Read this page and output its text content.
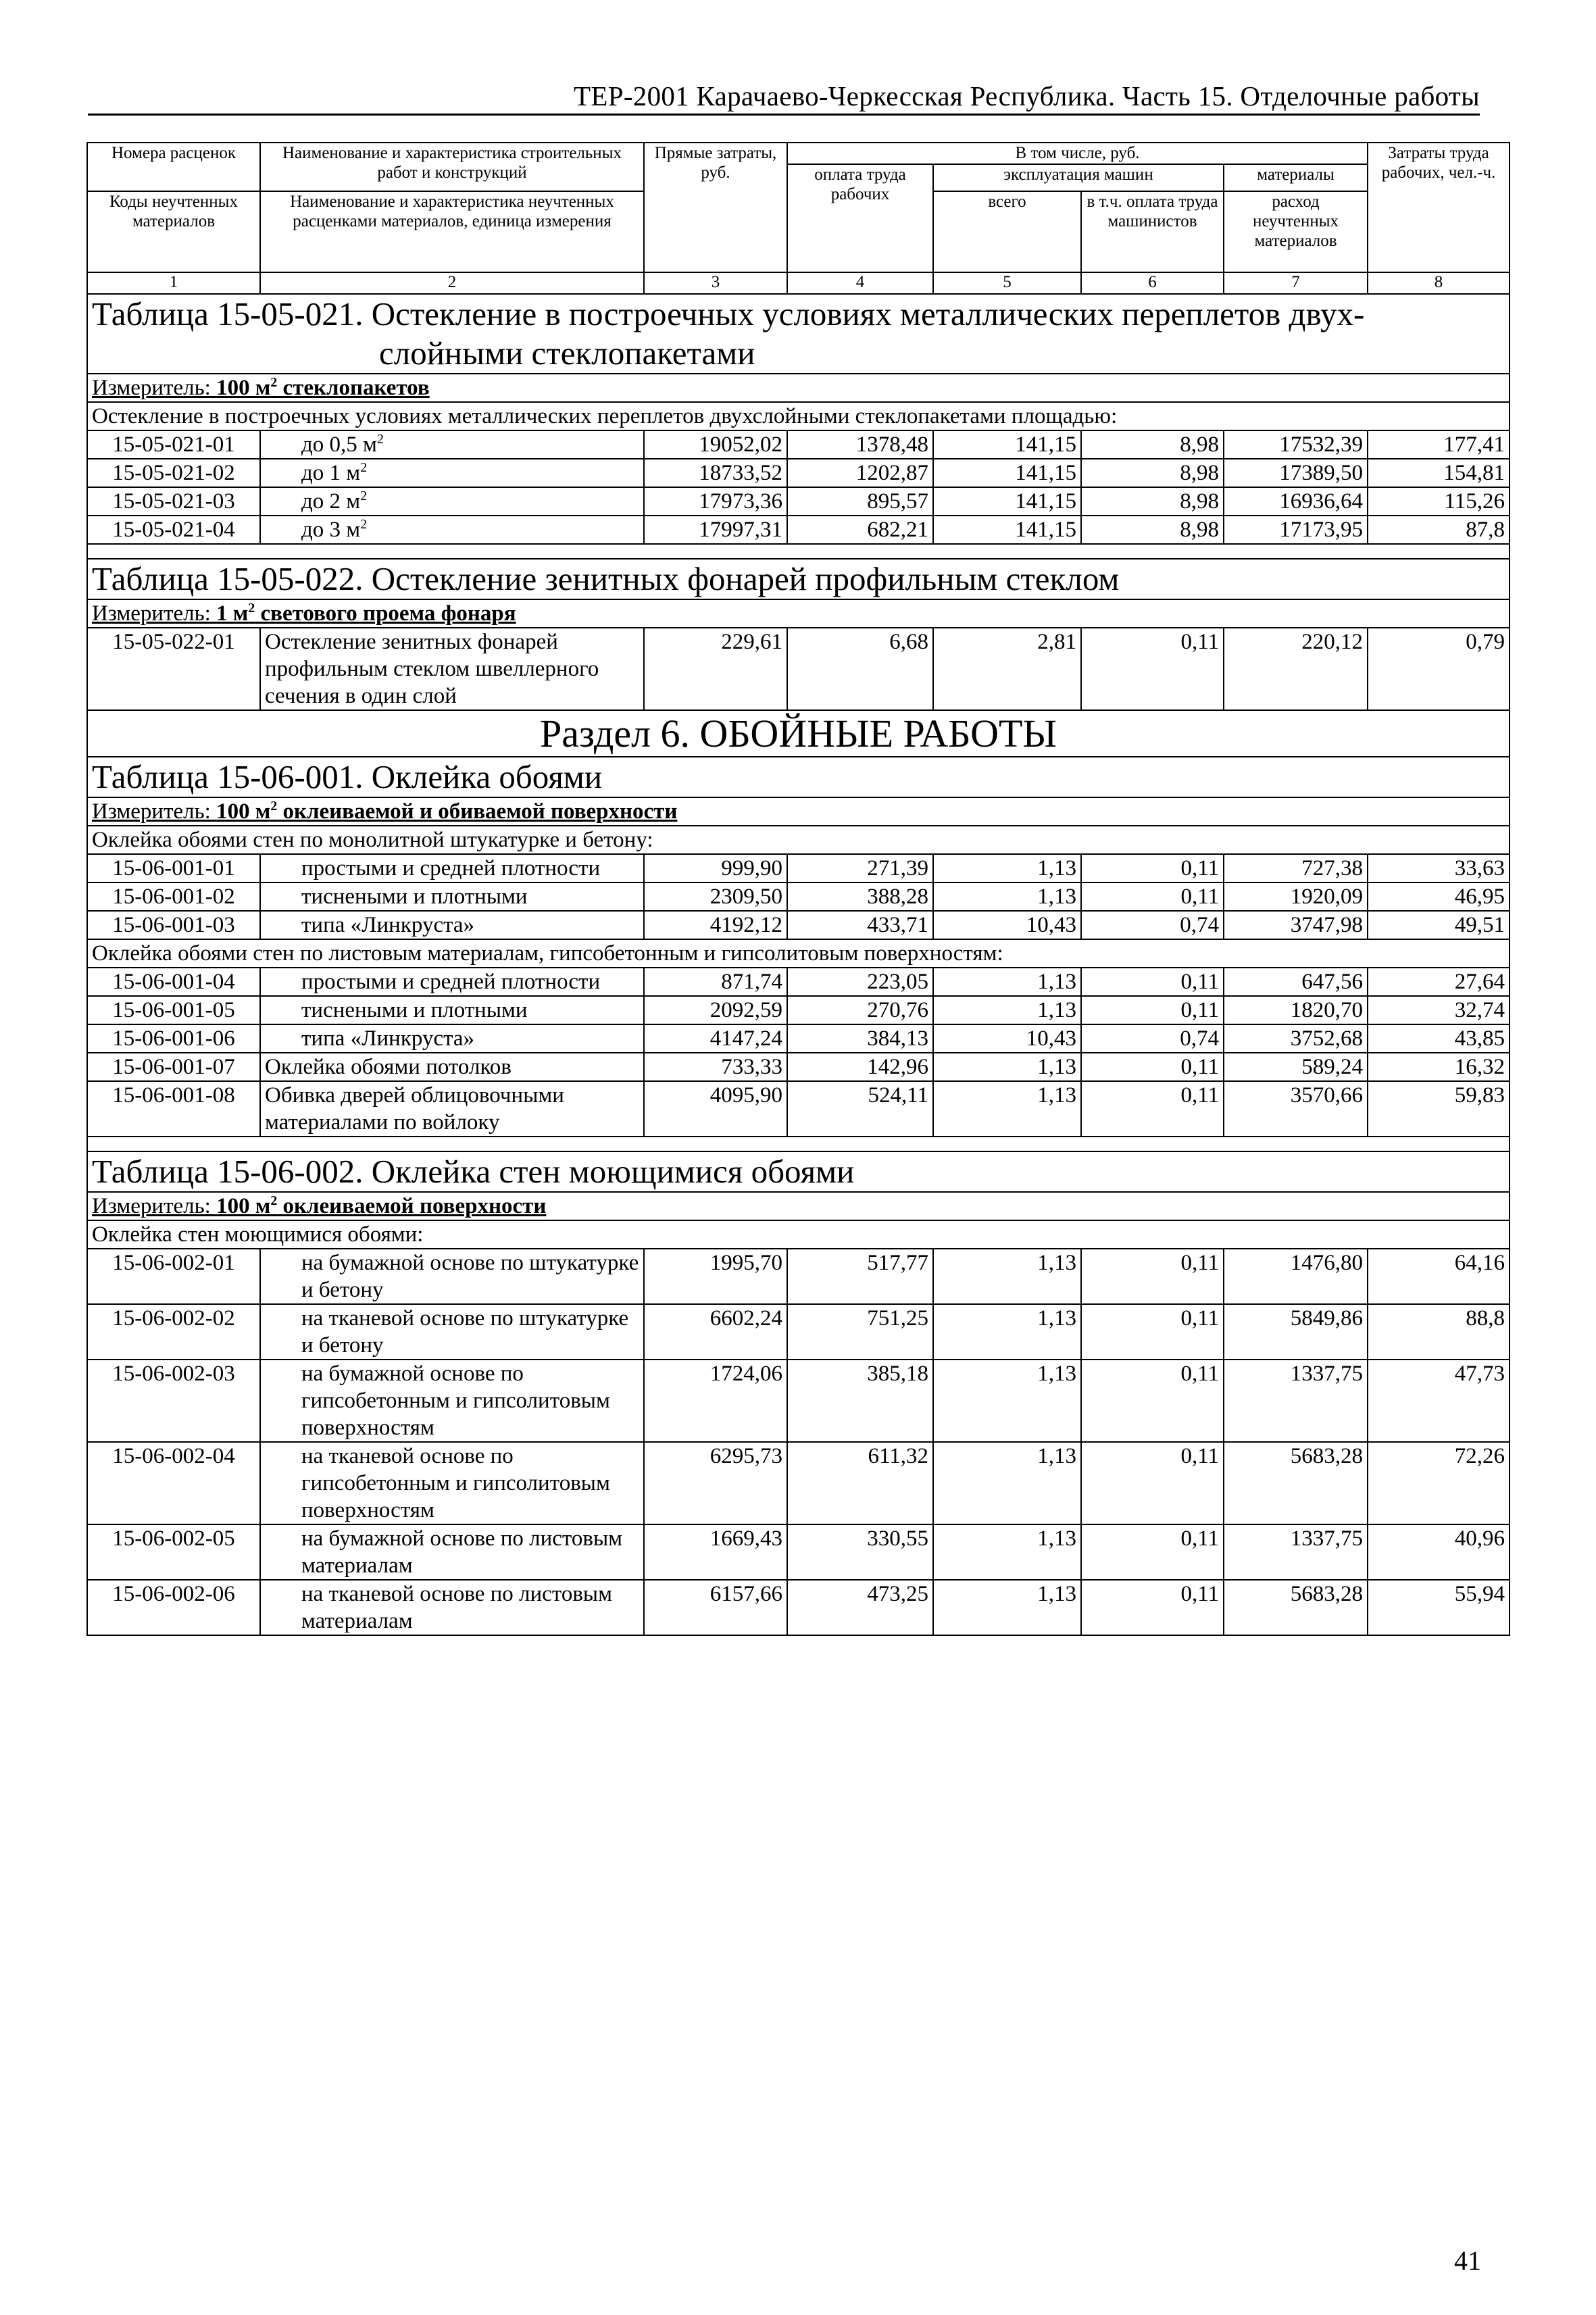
ТЕР-2001 Карачаево-Черкесская Республика. Часть 15. Отделочные работы
Номера расценок	Наименование и характеристика строительных работ и конструкций	Прямые затраты, руб.	В том числе, руб.				Затраты труда рабочих, чел.-ч.
			оплата труда рабочих	эксплуатация машин		материалы	
Коды неучтенных материалов	Наименование и характеристика неучтенных расценками материалов, единица измерения			всего	в т.ч. оплата труда машинистов	расход неучтенных материалов	

1	2	3	4	5	6	7	8
Таблица 15-05-021. Остекление в построечных условиях металлических переплетов двух-
слойными стеклопакетами							

Измеритель: 100 $м^2$ стеклопакетов							
Остекление в построечных условиях металлических переплетов двухслойными стеклопакетами площадью:							
15-05-021-01	до 0,5 $м^2$	19052,02	1378,48	141,15	8,98	17532,39	177,41
15-05-021-02	до 1 $м^2$	18733,52	1202,87	141,15	8,98	17389,50	154,81
15-05-021-03	до 2 $м^2$	17973,36	895,57	141,15	8,98	16936,64	115,26
15-05-021-04	до 3 $м^2$	17997,31	682,21	141,15	8,98	17173,95	87,8

Таблица 15-05-022. Остекление зенитных фонарей профильным стеклом							
Измеритель: 1 $м^2$ светового проема фонаря							
15-05-022-01	Остекление зенитных фонарей профильным стеклом швеллерного сечения в один слой	229,61	6,68	2,81	0,11	220,12	0,79
Раздел 6. ОБОЙНЫЕ РАБОТЫ							
Таблица 15-06-001. Оклейка обоями							
Измеритель: 100 $м^2$ оклеиваемой и обиваемой поверхности							
Оклейка обоями стен по монолитной штукатурке и бетону:							
15-06-001-01	простыми и средней плотности	999,90	271,39	1,13	0,11	727,38	33,63
15-06-001-02	тиснеными и плотными	2309,50	388,28	1,13	0,11	1920,09	46,95
15-06-001-03	типа «Линкруста»	4192,12	433,71	10,43	0,74	3747,98	49,51
Оклейка обоями стен по листовым материалам, гипсобетонным и гипсолитовым поверхностям:							
15-06-001-04	простыми и средней плотности	871,74	223,05	1,13	0,11	647,56	27,64
15-06-001-05	тиснеными и плотными	2092,59	270,76	1,13	0,11	1820,70	32,74
15-06-001-06	типа «Линкруста»	4147,24	384,13	10,43	0,74	3752,68	43,85
15-06-001-07	Оклейка обоями потолков	733,33	142,96	1,13	0,11	589,24	16,32
15-06-001-08	Обивка дверей облицовочными материалами по войлоку	4095,90	524,11	1,13	0,11	3570,66	59,83

Таблица 15-06-002. Оклейка стен моющимися обоями							
Измеритель: 100 $м^2$ оклеиваемой поверхности							
Оклейка стен моющимися обоями:							
15-06-002-01	на бумажной основе по штукатурке и бетону	1995,70	517,77	1,13	0,11	1476,80	64,16
15-06-002-02	на тканевой основе по штукатурке и бетону	6602,24	751,25	1,13	0,11	5849,86	88,8
15-06-002-03	на бумажной основе по гипсобетонным и гипсолитовым поверхностям	1724,06	385,18	1,13	0,11	1337,75	47,73
15-06-002-04	на тканевой основе по гипсобетонным и гипсолитовым поверхностям	6295,73	611,32	1,13	0,11	5683,28	72,26
15-06-002-05	на бумажной основе по листовым материалам	1669,43	330,55	1,13	0,11	1337,75	40,96
15-06-002-06	на тканевой основе по листовым материалам	6157,66	473,25	1,13	0,11	5683,28	55,94
41
